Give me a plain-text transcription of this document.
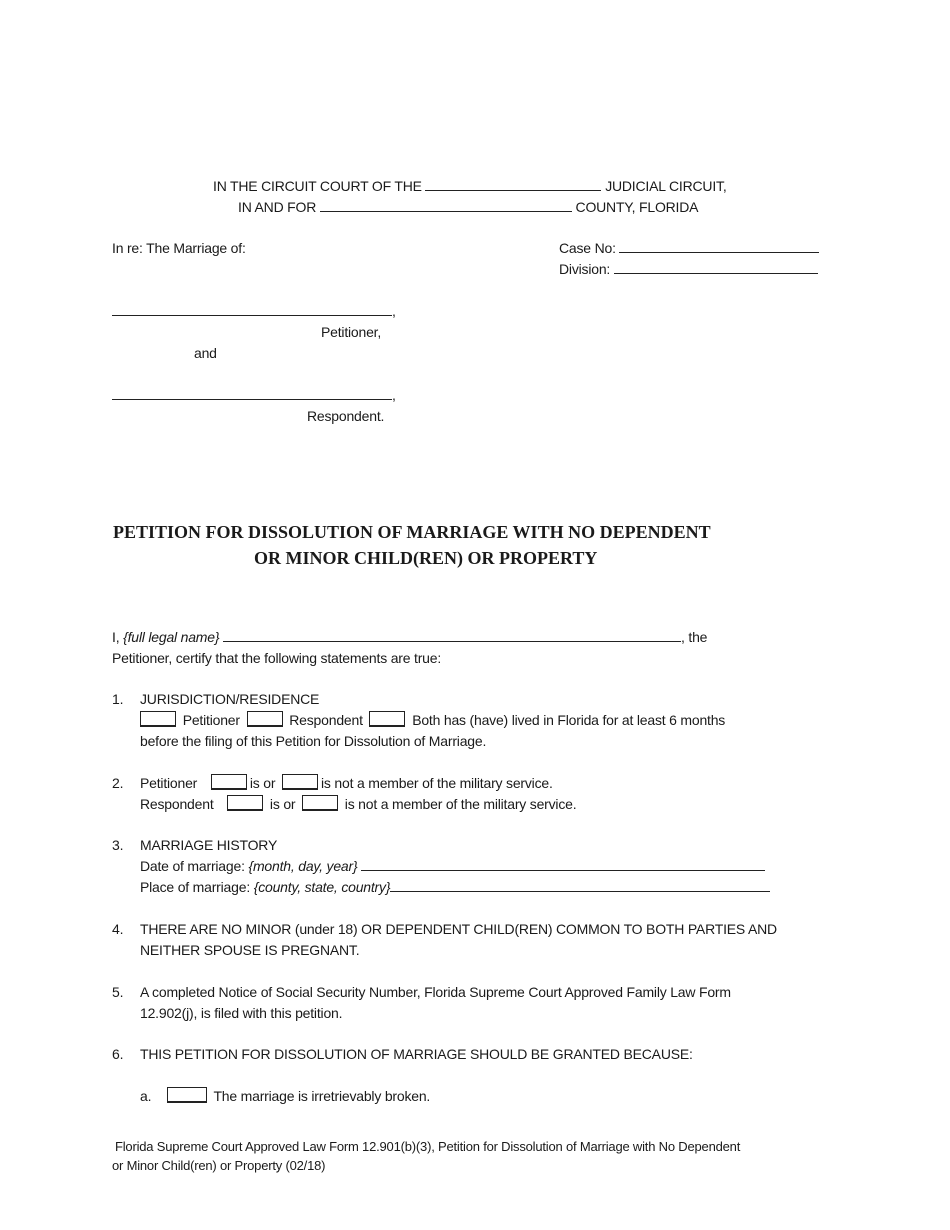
IN THE CIRCUIT COURT OF THE	JUDICIAL CIRCUIT,
IN AND FOR	COUNTY, FLORIDA
In re: The Marriage of:	Case No:
Division:
,
Petitioner,
and
,
Respondent.
PETITION FOR DISSOLUTION OF MARRIAGE WITH NO DEPENDENT
OR MINOR CHILD(REN) OR PROPERTY
I, {full legal name}	, the
Petitioner, certify that the following statements are true:
1. JURISDICTION/RESIDENCE
Petitioner	Respondent	Both has (have) lived in Florida for at least 6 months
before the filing of this Petition for Dissolution of Marriage.
2. Petitioner	is or	is not a member of the military service.
Respondent	is or	is not a member of the military service.
3. MARRIAGE HISTORY
Date of marriage: {month, day, year}
Place of marriage: {county, state, country}
4. THERE ARE NO MINOR (under 18) OR DEPENDENT CHILD(REN) COMMON TO BOTH PARTIES AND
NEITHER SPOUSE IS PREGNANT.
5. A completed Notice of Social Security Number, Florida Supreme Court Approved Family Law Form
12.902(j), is filed with this petition.
6. THIS PETITION FOR DISSOLUTION OF MARRIAGE SHOULD BE GRANTED BECAUSE:
a.	The marriage is irretrievably broken.
Florida Supreme Court Approved Law Form 12.901(b)(3), Petition for Dissolution of Marriage with No Dependent
or Minor Child(ren) or Property (02/18)
